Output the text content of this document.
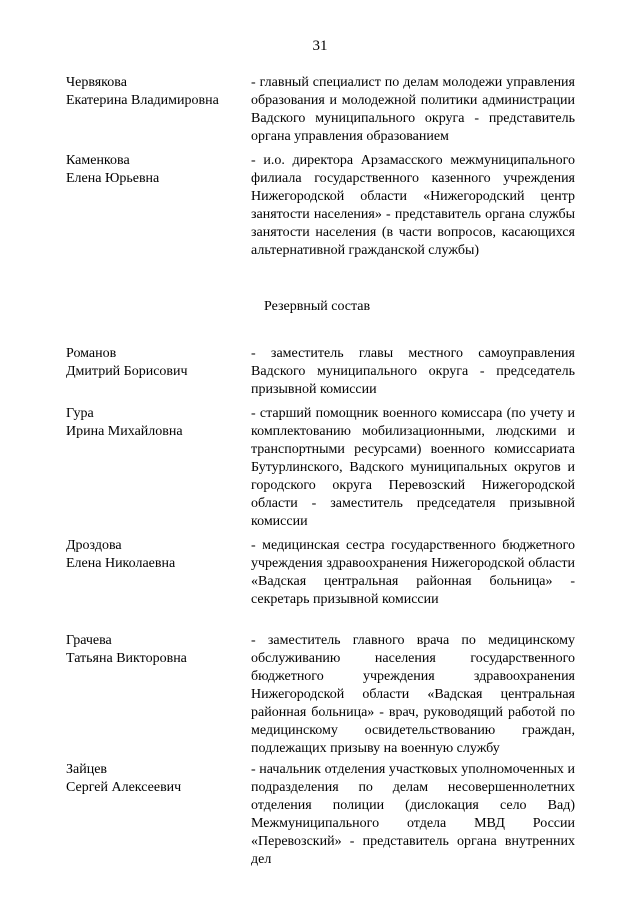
31
Червякова
Екатерина Владимировна
- главный специалист по делам молодежи управления образования и молодежной политики администрации Вадского муниципального округа - представитель органа управления образованием
Каменкова
Елена Юрьевна
- и.о. директора Арзамасского межмуниципального филиала государственного казенного учреждения Нижегородской области «Нижегородский центр занятости населения» - представитель органа службы занятости населения (в части вопросов, касающихся альтернативной гражданской службы)
Резервный состав
Романов
Дмитрий Борисович
- заместитель главы местного самоуправления Вадского муниципального округа - председатель призывной комиссии
Гура
Ирина Михайловна
- старший помощник военного комиссара (по учету и комплектованию мобилизационными, людскими и транспортными ресурсами) военного комиссариата Бутурлинского, Вадского муниципальных округов и городского округа Перевозский Нижегородской области - заместитель председателя призывной комиссии
Дроздова
Елена Николаевна
- медицинская сестра государственного бюджетного учреждения здравоохранения Нижегородской области «Вадская центральная районная больница» - секретарь призывной комиссии
Грачева
Татьяна Викторовна
- заместитель главного врача по медицинскому обслуживанию населения государственного бюджетного учреждения здравоохранения Нижегородской области «Вадская центральная районная больница» - врач, руководящий работой по медицинскому освидетельствованию граждан, подлежащих призыву на военную службу
Зайцев
Сергей Алексеевич
- начальник отделения участковых уполномоченных и подразделения по делам несовершеннолетних отделения полиции (дислокация село Вад) Межмуниципального отдела МВД России «Перевозский» - представитель органа внутренних дел
